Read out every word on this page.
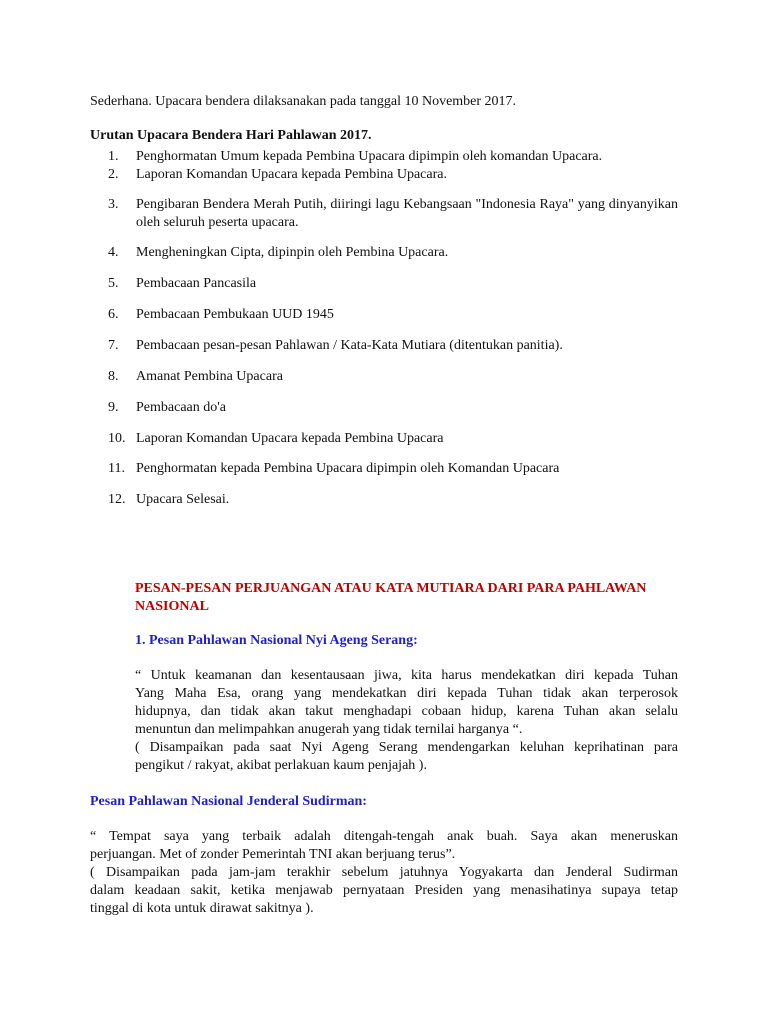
Sederhana. Upacara bendera dilaksanakan pada tanggal 10 November 2017.

Urutan Upacara Bendera Hari Pahlawan 2017.

1.	Penghormatan Umum kepada Pembina Upacara dipimpin oleh komandan Upacara.
2.	Laporan Komandan Upacara kepada Pembina Upacara.
3.	Pengibaran Bendera Merah Putih, diiringi lagu Kebangsaan "Indonesia Raya" yang dinyanyikan oleh seluruh peserta upacara.
4.	Mengheningkan Cipta, dipinpin oleh Pembina Upacara.
5.	Pembacaan Pancasila
6.	Pembacaan Pembukaan UUD 1945
7.	Pembacaan pesan-pesan Pahlawan / Kata-Kata Mutiara (ditentukan panitia).
8.	Amanat Pembina Upacara
9.	Pembacaan do'a
10. Laporan Komandan Upacara kepada Pembina Upacara
11. Penghormatan kepada Pembina Upacara dipimpin oleh Komandan Upacara
12. Upacara Selesai.
PESAN-PESAN PERJUANGAN ATAU KATA MUTIARA DARI PARA PAHLAWAN NASIONAL
1. Pesan Pahlawan Nasional Nyi Ageng Serang:

“ Untuk keamanan dan kesentausaan jiwa, kita harus mendekatkan diri kepada Tuhan
Yang Maha Esa, orang yang mendekatkan diri kepada Tuhan tidak akan terperosok
hidupnya, dan tidak akan takut menghadapi cobaan hidup, karena Tuhan akan selalu
menuntun dan melimpahkan anugerah yang tidak ternilai harganya “.
( Disampaikan pada saat Nyi Ageng Serang mendengarkan keluhan keprihatinan para
pengikut / rakyat, akibat perlakuan kaum penjajah ).

Pesan Pahlawan Nasional Jenderal Sudirman:

“ Tempat saya yang terbaik adalah ditengah-tengah anak buah. Saya akan meneruskan
perjuangan. Met of zonder Pemerintah TNI akan berjuang terus”.
( Disampaikan pada jam-jam terakhir sebelum jatuhnya Yogyakarta dan Jenderal Sudirman
dalam keadaan sakit, ketika menjawab pernyataan Presiden yang menasihatinya supaya tetap
tinggal di kota untuk dirawat sakitnya ).
